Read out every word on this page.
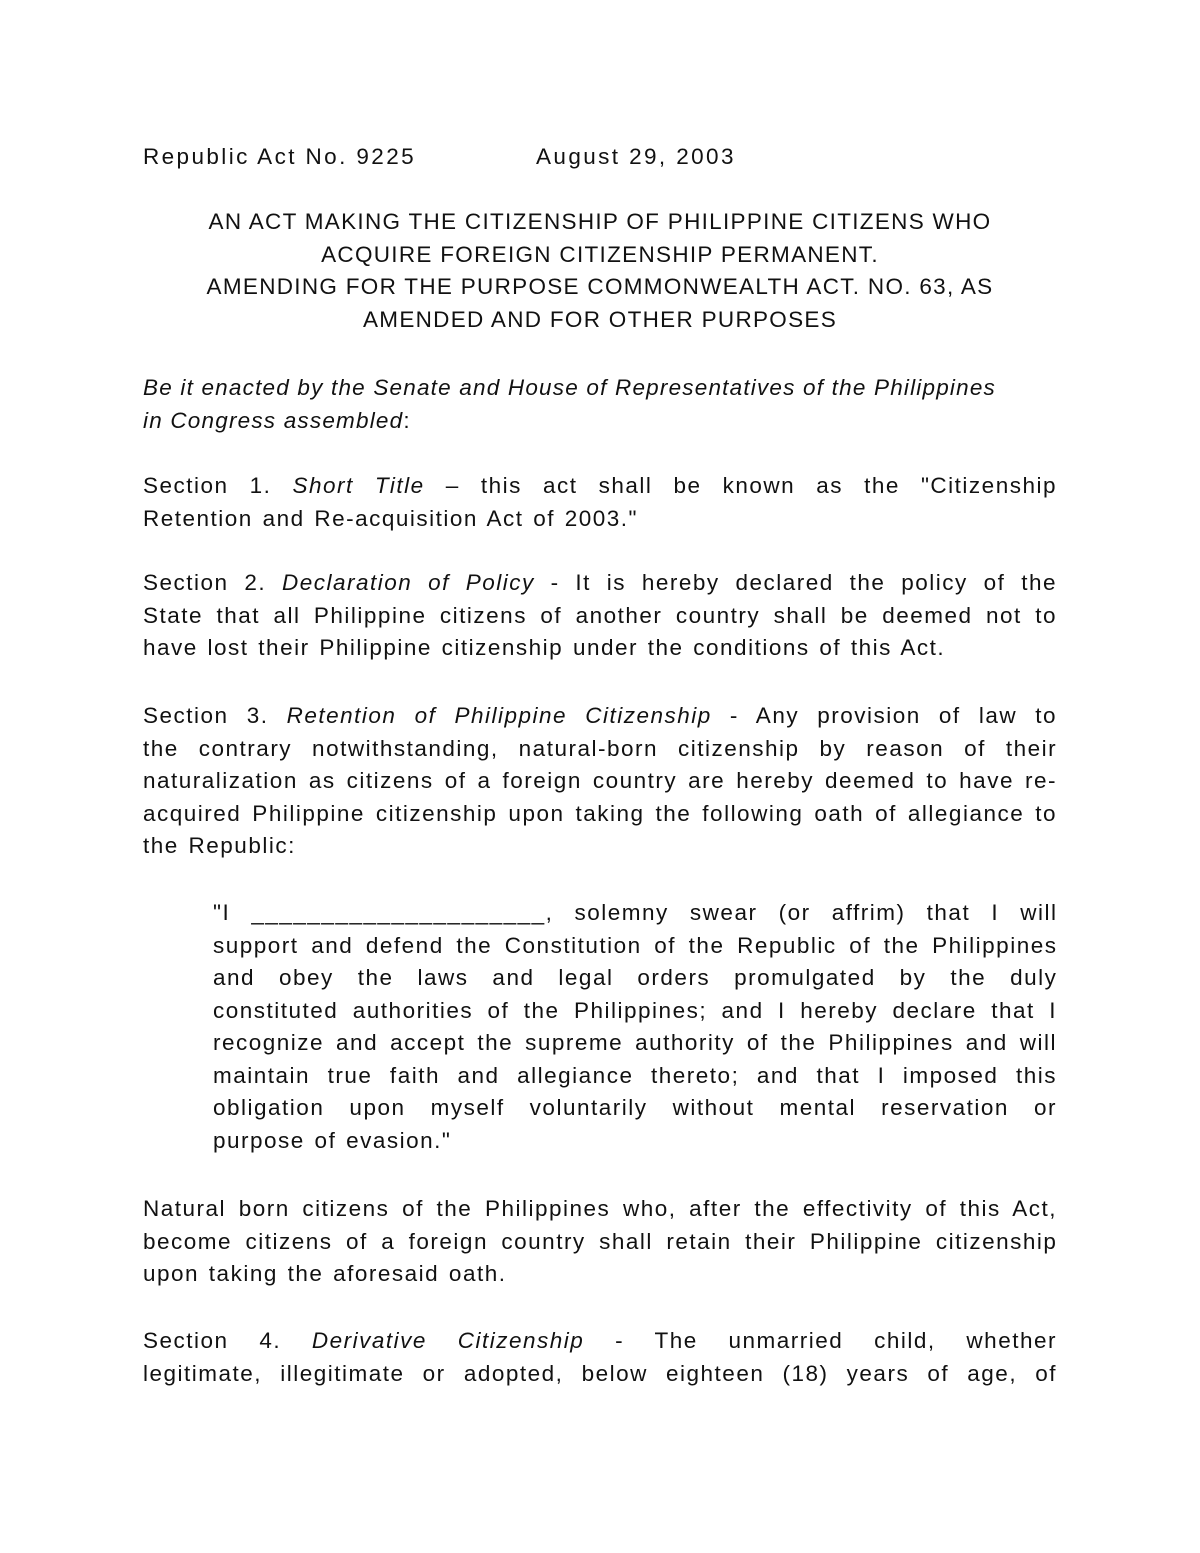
Republic Act No. 9225	August 29, 2003
AN ACT MAKING THE CITIZENSHIP OF PHILIPPINE CITIZENS WHO
ACQUIRE FOREIGN CITIZENSHIP PERMANENT.
AMENDING FOR THE PURPOSE COMMONWEALTH ACT. NO. 63, AS
AMENDED AND FOR OTHER PURPOSES
Be it enacted by the Senate and House of Representatives of the Philippines
in Congress assembled:
Section 1. Short Title – this act shall be known as the "Citizenship
Retention and Re-acquisition Act of 2003."
Section 2. Declaration of Policy - It is hereby declared the policy of the
State that all Philippine citizens of another country shall be deemed not to
have lost their Philippine citizenship under the conditions of this Act.
Section 3. Retention of Philippine Citizenship - Any provision of law to
the contrary notwithstanding, natural-born citizenship by reason of their
naturalization as citizens of a foreign country are hereby deemed to have re-
acquired Philippine citizenship upon taking the following oath of allegiance to
the Republic:
"I _____________________, solemny swear (or affrim) that I will
support and defend the Constitution of the Republic of the Philippines
and obey the laws and legal orders promulgated by the duly
constituted authorities of the Philippines; and I hereby declare that I
recognize and accept the supreme authority of the Philippines and will
maintain true faith and allegiance thereto; and that I imposed this
obligation upon myself voluntarily without mental reservation or
purpose of evasion."
Natural born citizens of the Philippines who, after the effectivity of this Act,
become citizens of a foreign country shall retain their Philippine citizenship
upon taking the aforesaid oath.
Section 4. Derivative Citizenship - The unmarried child, whether
legitimate, illegitimate or adopted, below eighteen (18) years of age, of
